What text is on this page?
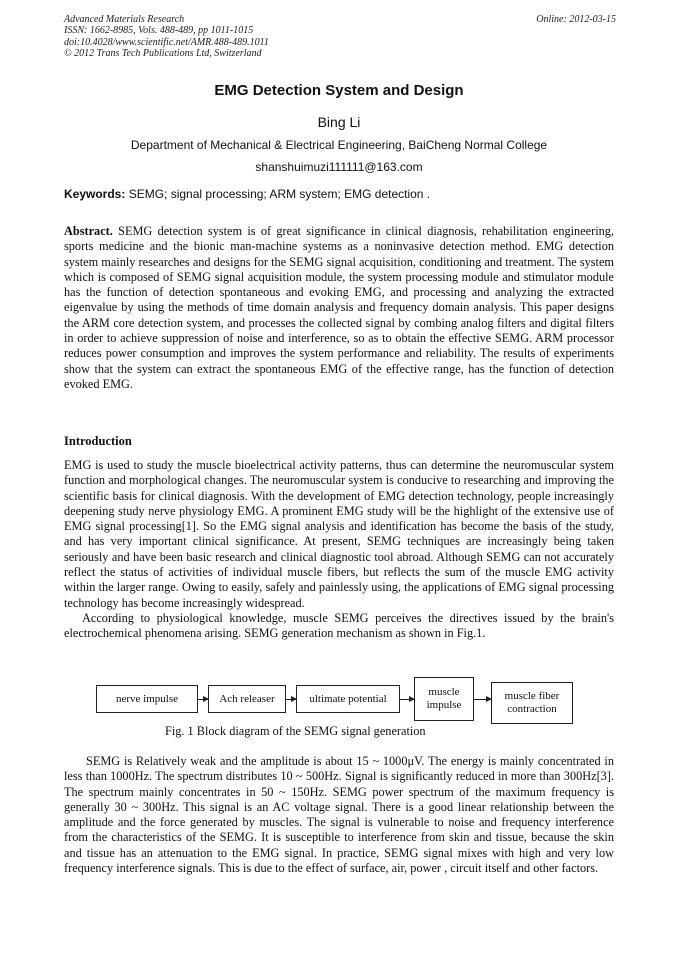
Advanced Materials Research
ISSN: 1662-8985, Vols. 488-489, pp 1011-1015
doi:10.4028/www.scientific.net/AMR.488-489.1011
© 2012 Trans Tech Publications Ltd, Switzerland
Online: 2012-03-15
EMG Detection System and Design
Bing Li
Department of Mechanical & Electrical Engineering, BaiCheng Normal College
shanshuimuzi111111@163.com
Keywords: SEMG; signal processing; ARM system; EMG detection .
Abstract. SEMG detection system is of great significance in clinical diagnosis, rehabilitation engineering, sports medicine and the bionic man-machine systems as a noninvasive detection method. EMG detection system mainly researches and designs for the SEMG signal acquisition, conditioning and treatment. The system which is composed of SEMG signal acquisition module, the system processing module and stimulator module has the function of detection spontaneous and evoking EMG, and processing and analyzing the extracted eigenvalue by using the methods of time domain analysis and frequency domain analysis. This paper designs the ARM core detection system, and processes the collected signal by combing analog filters and digital filters in order to achieve suppression of noise and interference, so as to obtain the effective SEMG. ARM processor reduces power consumption and improves the system performance and reliability. The results of experiments show that the system can extract the spontaneous EMG of the effective range, has the function of detection evoked EMG.
Introduction

EMG is used to study the muscle bioelectrical activity patterns, thus can determine the neuromuscular system function and morphological changes. The neuromuscular system is conducive to researching and improving the scientific basis for clinical diagnosis. With the development of EMG detection technology, people increasingly deepening study nerve physiology EMG. A prominent EMG study will be the highlight of the extensive use of EMG signal processing[1]. So the EMG signal analysis and identification has become the basis of the study, and has very important clinical significance. At present, SEMG techniques are increasingly being taken seriously and have been basic research and clinical diagnostic tool abroad. Although SEMG can not accurately reflect the status of activities of individual muscle fibers, but reflects the sum of the muscle EMG activity within the larger range. Owing to easily, safely and painlessly using, the applications of EMG signal processing technology has become increasingly widespread.

According to physiological knowledge, muscle SEMG perceives the directives issued by the brain's electrochemical phenomena arising. SEMG generation mechanism as shown in Fig.1.

nerve impulse	Ach releaser	ultimate potential
muscle impulse
muscle fiber contraction
Fig. 1 Block diagram of the SEMG signal generation
SEMG is Relatively weak and the amplitude is about 15 ~ 1000μV. The energy is mainly concentrated in less than 1000Hz. The spectrum distributes 10 ~ 500Hz. Signal is significantly reduced in more than 300Hz[3]. The spectrum mainly concentrates in 50 ~ 150Hz. SEMG power spectrum of the maximum frequency is generally 30 ~ 300Hz. This signal is an AC voltage signal. There is a good linear relationship between the amplitude and the force generated by muscles. The signal is vulnerable to noise and frequency interference from the characteristics of the SEMG. It is susceptible to interference from skin and tissue, because the skin and tissue has an attenuation to the EMG signal. In practice, SEMG signal mixes with high and very low frequency interference signals. This is due to the effect of surface, air, power , circuit itself and other factors.
